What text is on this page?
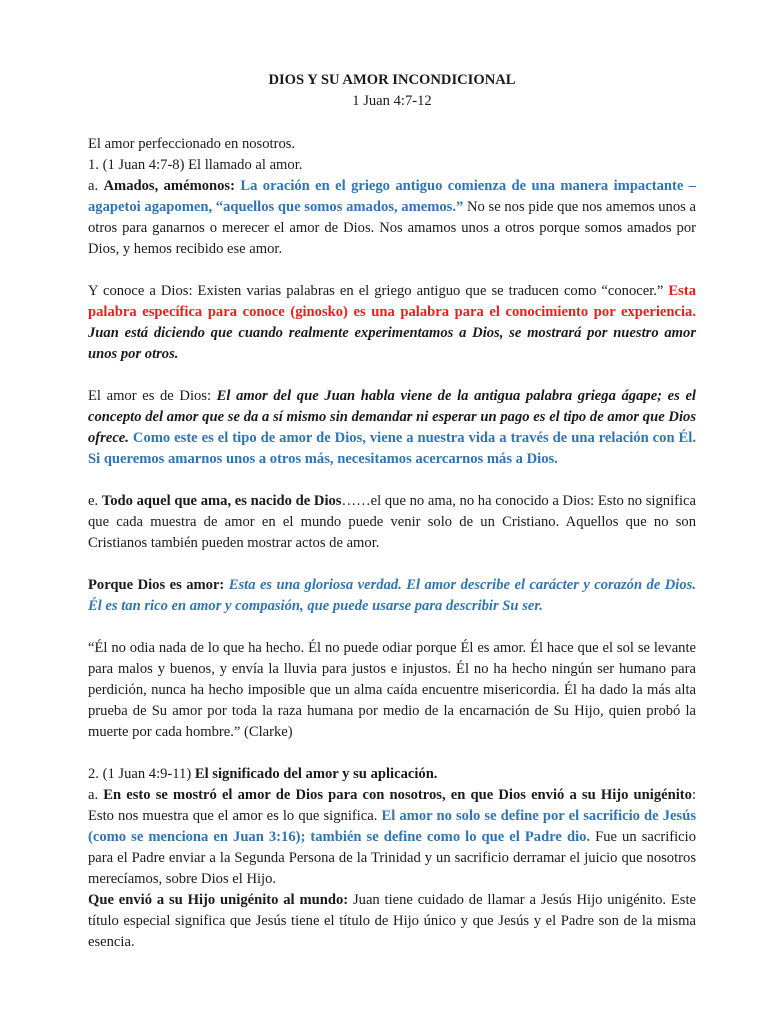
DIOS Y SU AMOR INCONDICIONAL

1 Juan 4:7-12

El amor perfeccionado en nosotros.

1. (1 Juan 4:7-8) El llamado al amor.

a. Amados, amémonos: La oración en el griego antiguo comienza de una manera impactante – agapetoi agapomen, “aquellos que somos amados, amemos.” No se nos pide que nos amemos unos a otros para ganarnos o merecer el amor de Dios. Nos amamos unos a otros porque somos amados por Dios, y hemos recibido ese amor.

Y conoce a Dios: Existen varias palabras en el griego antiguo que se traducen como “conocer.” Esta palabra específica para conoce (ginosko) es una palabra para el conocimiento por experiencia. Juan está diciendo que cuando realmente experimentamos a Dios, se mostrará por nuestro amor unos por otros.

El amor es de Dios: El amor del que Juan habla viene de la antigua palabra griega ágape; es el concepto del amor que se da a sí mismo sin demandar ni esperar un pago es el tipo de amor que Dios ofrece. Como este es el tipo de amor de Dios, viene a nuestra vida a través de una relación con Él. Si queremos amarnos unos a otros más, necesitamos acercarnos más a Dios.

e. Todo aquel que ama, es nacido de Dios……el que no ama, no ha conocido a Dios: Esto no significa que cada muestra de amor en el mundo puede venir solo de un Cristiano. Aquellos que no son Cristianos también pueden mostrar actos de amor.

Porque Dios es amor: Esta es una gloriosa verdad. El amor describe el carácter y corazón de Dios. Él es tan rico en amor y compasión, que puede usarse para describir Su ser.

“Él no odia nada de lo que ha hecho. Él no puede odiar porque Él es amor. Él hace que el sol se levante para malos y buenos, y envía la lluvia para justos e injustos. Él no ha hecho ningún ser humano para perdición, nunca ha hecho imposible que un alma caída encuentre misericordia. Él ha dado la más alta prueba de Su amor por toda la raza humana por medio de la encarnación de Su Hijo, quien probó la muerte por cada hombre.” (Clarke)

2. (1 Juan 4:9-11) El significado del amor y su aplicación.

a. En esto se mostró el amor de Dios para con nosotros, en que Dios envió a su Hijo unigénito: Esto nos muestra que el amor es lo que significa. El amor no solo se define por el sacrificio de Jesús (como se menciona en Juan 3:16); también se define como lo que el Padre dio. Fue un sacrificio para el Padre enviar a la Segunda Persona de la Trinidad y un sacrificio derramar el juicio que nosotros merecíamos, sobre Dios el Hijo.

Que envió a su Hijo unigénito al mundo: Juan tiene cuidado de llamar a Jesús Hijo unigénito. Este título especial significa que Jesús tiene el título de Hijo único y que Jesús y el Padre son de la misma esencia.
